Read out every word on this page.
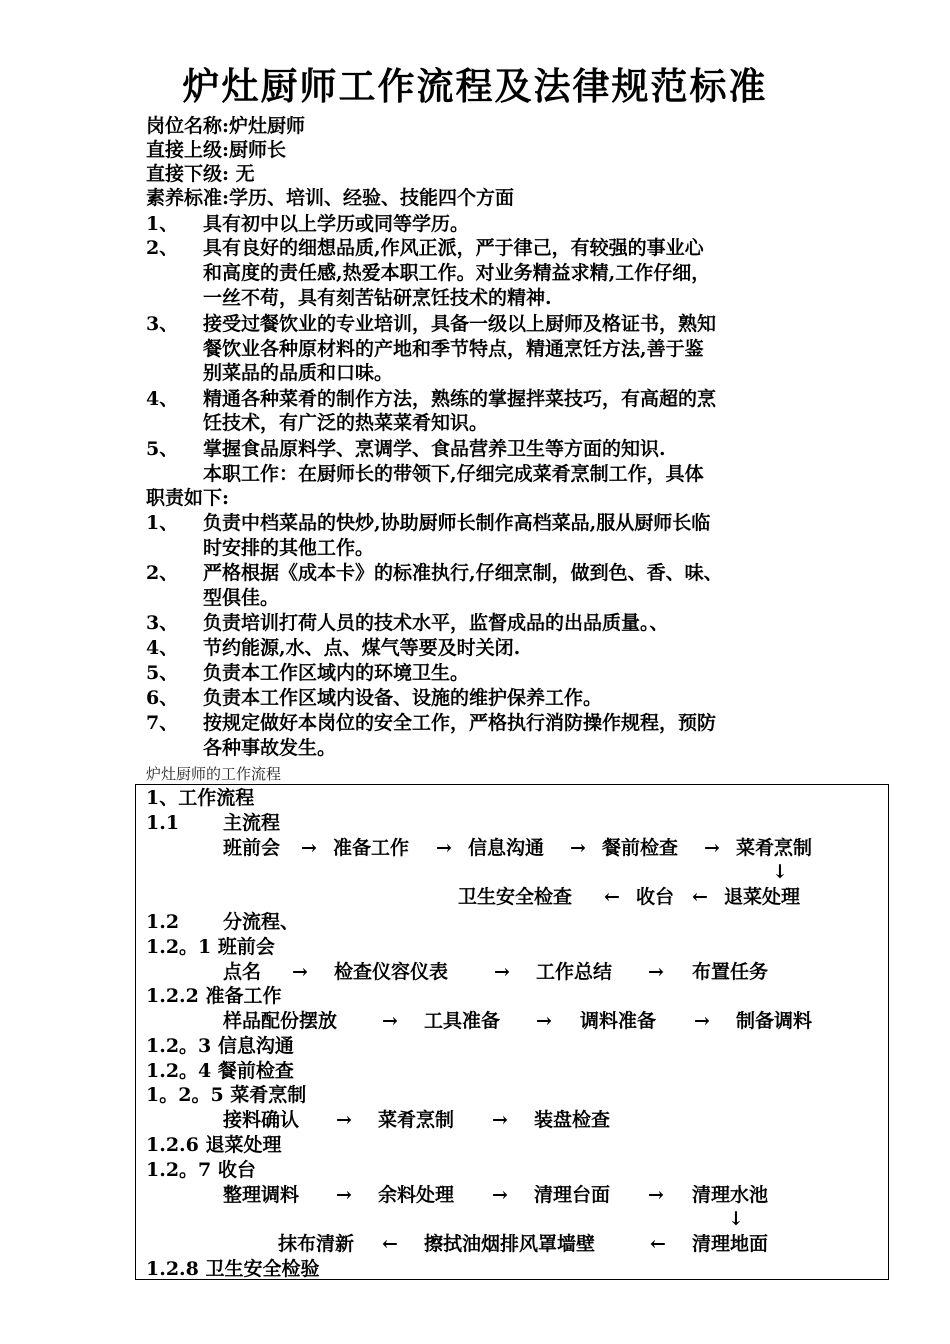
炉灶厨师工作流程及法律规范标准
岗位名称:炉灶厨师
直接上级:厨师长
直接下级: 无
素养标准:学历、培训、经验、技能四个方面
1、 具有初中以上学历或同等学历。
2、 具有良好的细想品质,作风正派，严于律己，有较强的事业心
和高度的责任感,热爱本职工作。对业务精益求精,工作仔细，
一丝不苟，具有刻苦钻研烹饪技术的精神.
3、 接受过餐饮业的专业培训，具备一级以上厨师及格证书，熟知
餐饮业各种原材料的产地和季节特点，精通烹饪方法,善于鉴
别菜品的品质和口味。
4、 精通各种菜肴的制作方法，熟练的掌握拌菜技巧，有高超的烹
饪技术，有广泛的热菜菜肴知识。
5、 掌握食品原料学、烹调学、食品营养卫生等方面的知识.
本职工作：在厨师长的带领下,仔细完成菜肴烹制工作，具体
职责如下:
1、 负责中档菜品的快炒,协助厨师长制作高档菜品,服从厨师长临
时安排的其他工作。
2、 严格根据《成本卡》的标准执行,仔细烹制，做到色、香、味、
型俱佳。
3、 负责培训打荷人员的技术水平，监督成品的出品质量。、
4、 节约能源,水、点、煤气等要及时关闭.
5、 负责本工作区域内的环境卫生。
6、 负责本工作区域内设备、设施的维护保养工作。
7、 按规定做好本岗位的安全工作，严格执行消防操作规程，预防
各种事故发生。
炉灶厨师的工作流程
1、工作流程
1.1 主流程
班前会 → 准备工作 → 信息沟通 → 餐前检查 → 菜肴烹制
↓
卫生安全检查 ← 收台 ← 退菜处理
1.2 分流程、
1.2。1 班前会
点名 → 检查仪容仪表 → 工作总结 → 布置任务
1.2.2 准备工作
样品配份摆放 → 工具准备 → 调料准备 → 制备调料
1.2。3 信息沟通
1.2。4 餐前检查
1。2。5 菜肴烹制
接料确认 → 菜肴烹制 → 装盘检查
1.2.6 退菜处理
1.2。7 收台
整理调料 → 余料处理 → 清理台面 → 清理水池
↓
抹布清新 ← 擦拭油烟排风罩墙壁	← 清理地面
1.2.8 卫生安全检验
